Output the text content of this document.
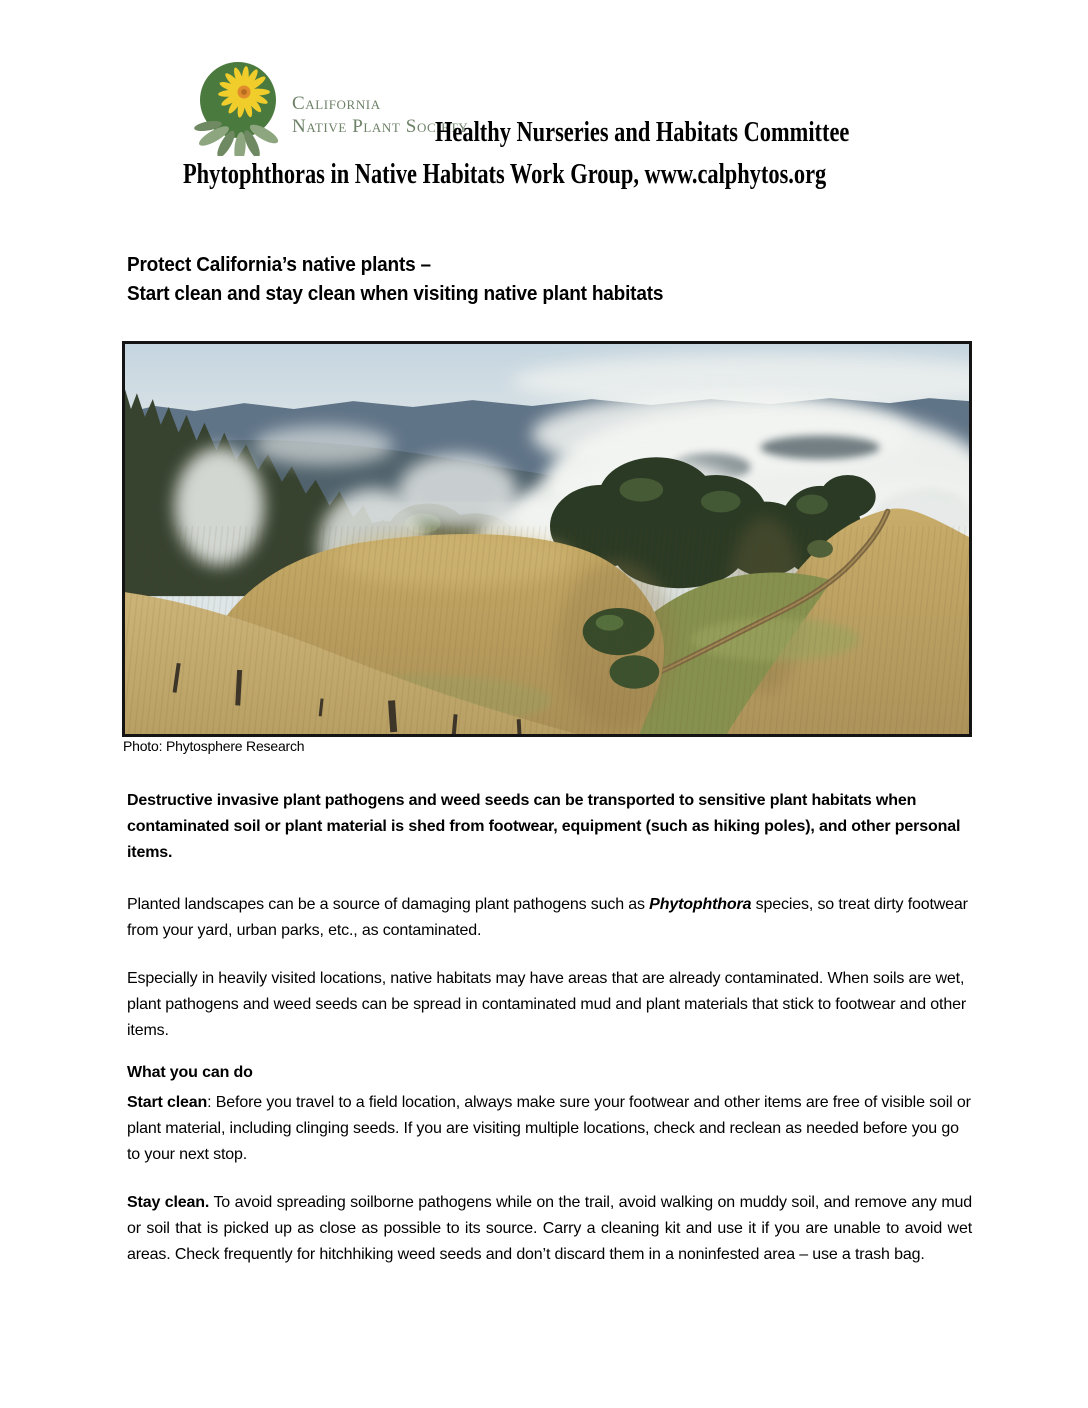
California
Native Plant Society
Healthy Nurseries and Habitats Committee
Phytophthoras in Native Habitats Work Group, www.calphytos.org
Protect California’s native plants –
Start clean and stay clean when visiting native plant habitats
Photo: Phytosphere Research

Destructive invasive plant pathogens and weed seeds can be transported to sensitive plant habitats when contaminated soil or plant material is shed from footwear, equipment (such as hiking poles), and other personal items.

Planted landscapes can be a source of damaging plant pathogens such as Phytophthora species, so treat dirty footwear from your yard, urban parks, etc., as contaminated.

Especially in heavily visited locations, native habitats may have areas that are already contaminated. When soils are wet, plant pathogens and weed seeds can be spread in contaminated mud and plant materials that stick to footwear and other items.

What you can do

Start clean: Before you travel to a field location, always make sure your footwear and other items are free of visible soil or plant material, including clinging seeds. If you are visiting multiple locations, check and reclean as needed before you go to your next stop.

Stay clean. To avoid spreading soilborne pathogens while on the trail, avoid walking on muddy soil, and remove any mud or soil that is picked up as close as possible to its source. Carry a cleaning kit and use it if you are unable to avoid wet areas. Check frequently for hitchhiking weed seeds and don’t discard them in a noninfested area – use a trash bag.
